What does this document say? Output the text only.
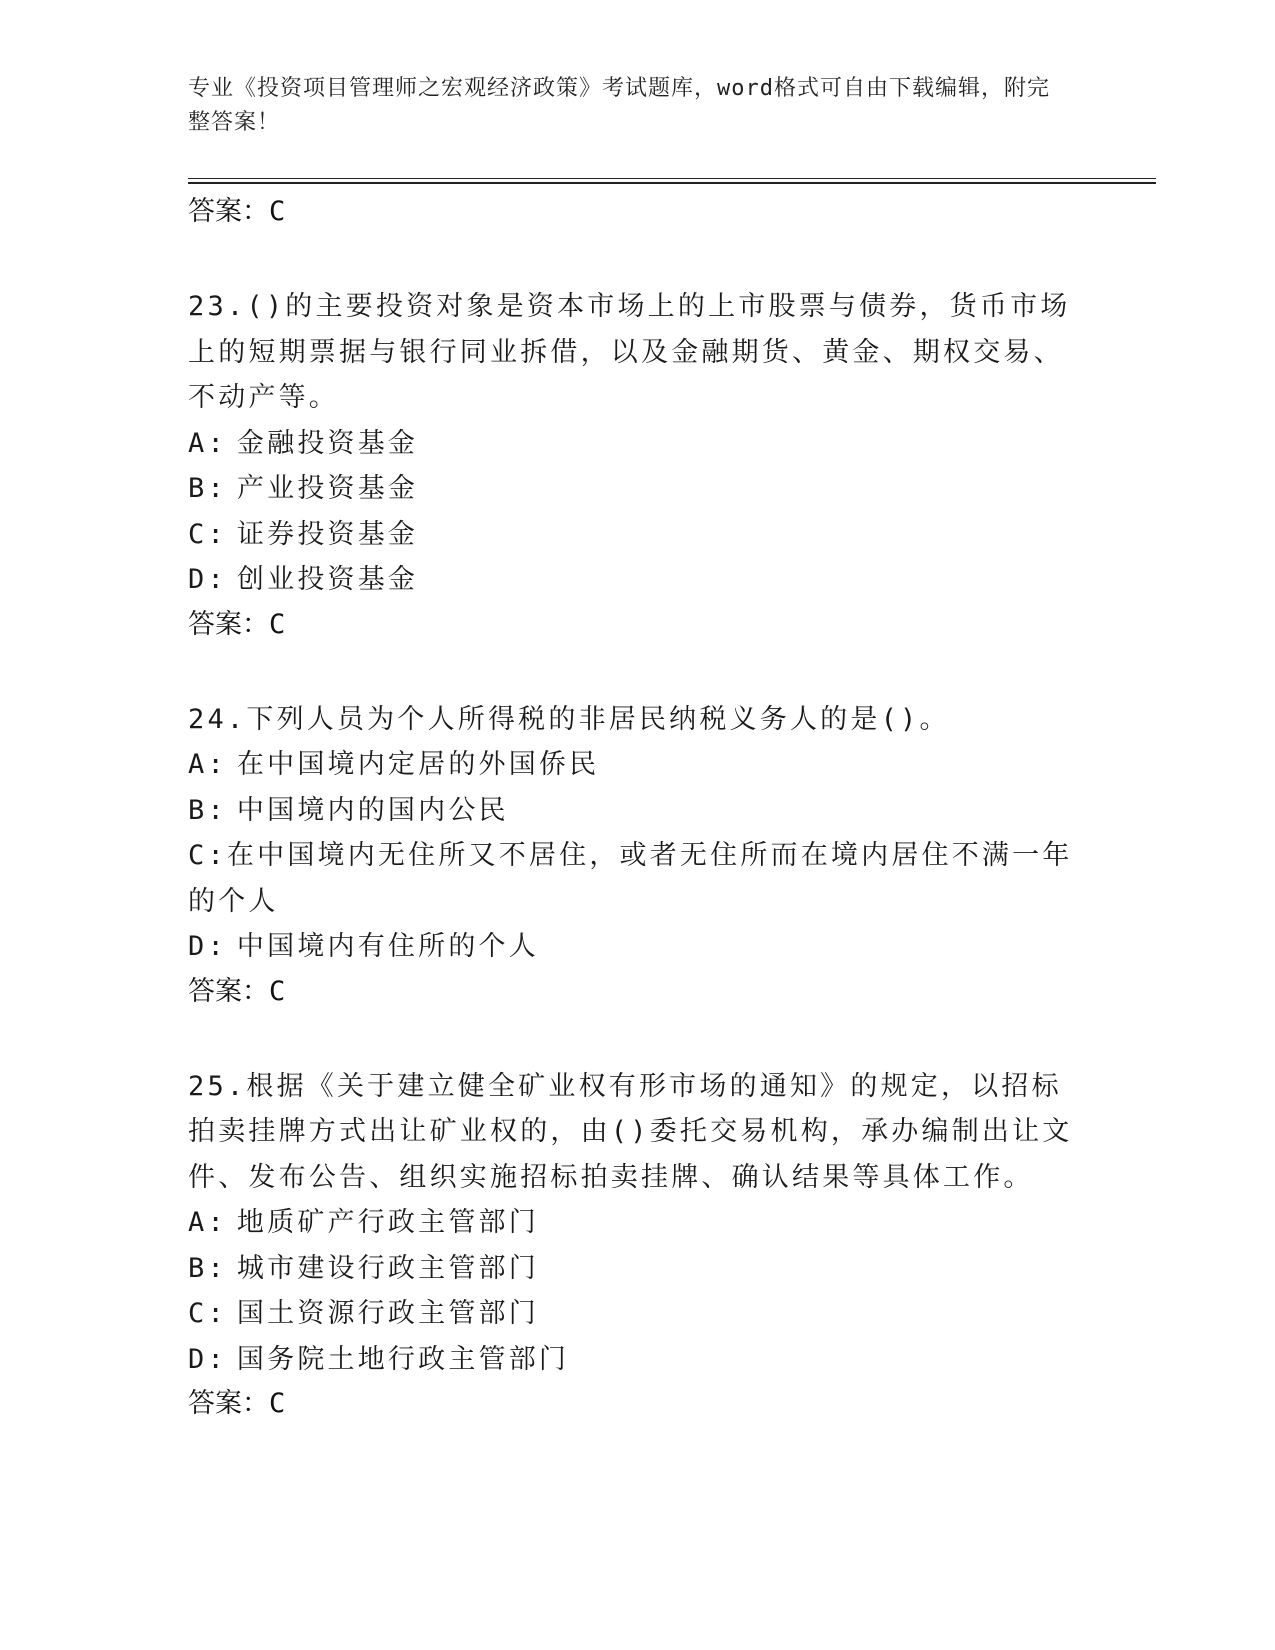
专业《投资项目管理师之宏观经济政策》考试题库，word格式可自由下载编辑，附完整答案！
答案：C
23.()的主要投资对象是资本市场上的上市股票与债券，货币市场上的短期票据与银行同业拆借，以及金融期货、黄金、期权交易、不动产等。
A: 金融投资基金
B: 产业投资基金
C: 证券投资基金
D: 创业投资基金
答案：C
24.下列人员为个人所得税的非居民纳税义务人的是()。
A: 在中国境内定居的外国侨民
B: 中国境内的国内公民
C:在中国境内无住所又不居住，或者无住所而在境内居住不满一年的个人
D: 中国境内有住所的个人
答案：C
25.根据《关于建立健全矿业权有形市场的通知》的规定，以招标拍卖挂牌方式出让矿业权的，由()委托交易机构，承办编制出让文件、发布公告、组织实施招标拍卖挂牌、确认结果等具体工作。
A: 地质矿产行政主管部门
B: 城市建设行政主管部门
C: 国土资源行政主管部门
D: 国务院土地行政主管部门
答案：C
